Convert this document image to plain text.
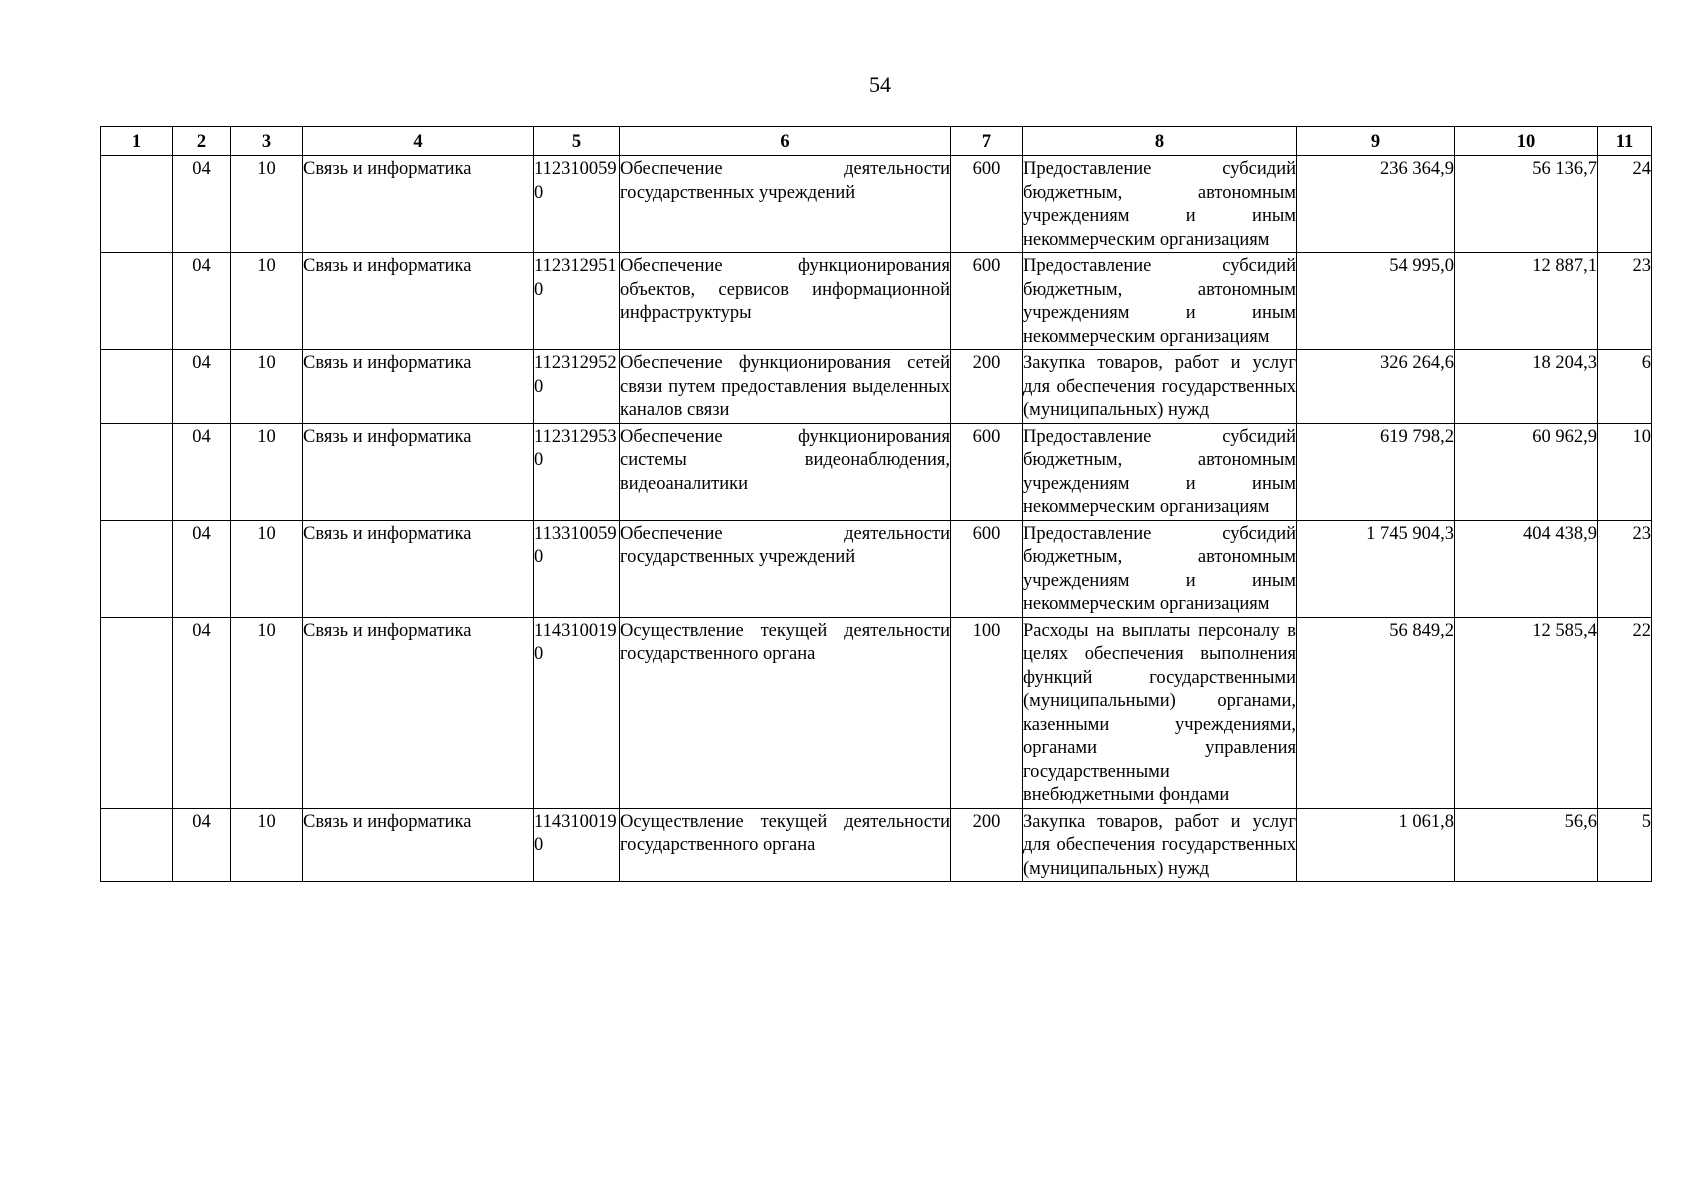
54
1	2	3	4	5	6	7	8	9	10	11
	04	10	Связь и информатика	1123100590	Обеспечение деятельности государственных учреждений	600	Предоставление субсидий бюджетным, автономным учреждениям и иным некоммерческим организациям	236 364,9	56 136,7	24
	04	10	Связь и информатика	1123129510	Обеспечение функционирования объектов, сервисов информационной инфраструктуры	600	Предоставление субсидий бюджетным, автономным учреждениям и иным некоммерческим организациям	54 995,0	12 887,1	23
	04	10	Связь и информатика	1123129520	Обеспечение функционирования сетей связи путем предоставления выделенных каналов связи	200	Закупка товаров, работ и услуг для обеспечения государственных (муниципальных) нужд	326 264,6	18 204,3	6
	04	10	Связь и информатика	1123129530	Обеспечение функционирования системы видеонаблюдения, видеоаналитики	600	Предоставление субсидий бюджетным, автономным учреждениям и иным некоммерческим организациям	619 798,2	60 962,9	10
	04	10	Связь и информатика	1133100590	Обеспечение деятельности государственных учреждений	600	Предоставление субсидий бюджетным, автономным учреждениям и иным некоммерческим организациям	1 745 904,3	404 438,9	23
	04	10	Связь и информатика	1143100190	Осуществление текущей деятельности государственного органа	100	Расходы на выплаты персоналу в целях обеспечения выполнения функций государственными (муниципальными) органами, казенными учреждениями, органами управления государственными внебюджетными фондами	56 849,2	12 585,4	22
	04	10	Связь и информатика	1143100190	Осуществление текущей деятельности государственного органа	200	Закупка товаров, работ и услуг для обеспечения государственных (муниципальных) нужд	1 061,8	56,6	5
